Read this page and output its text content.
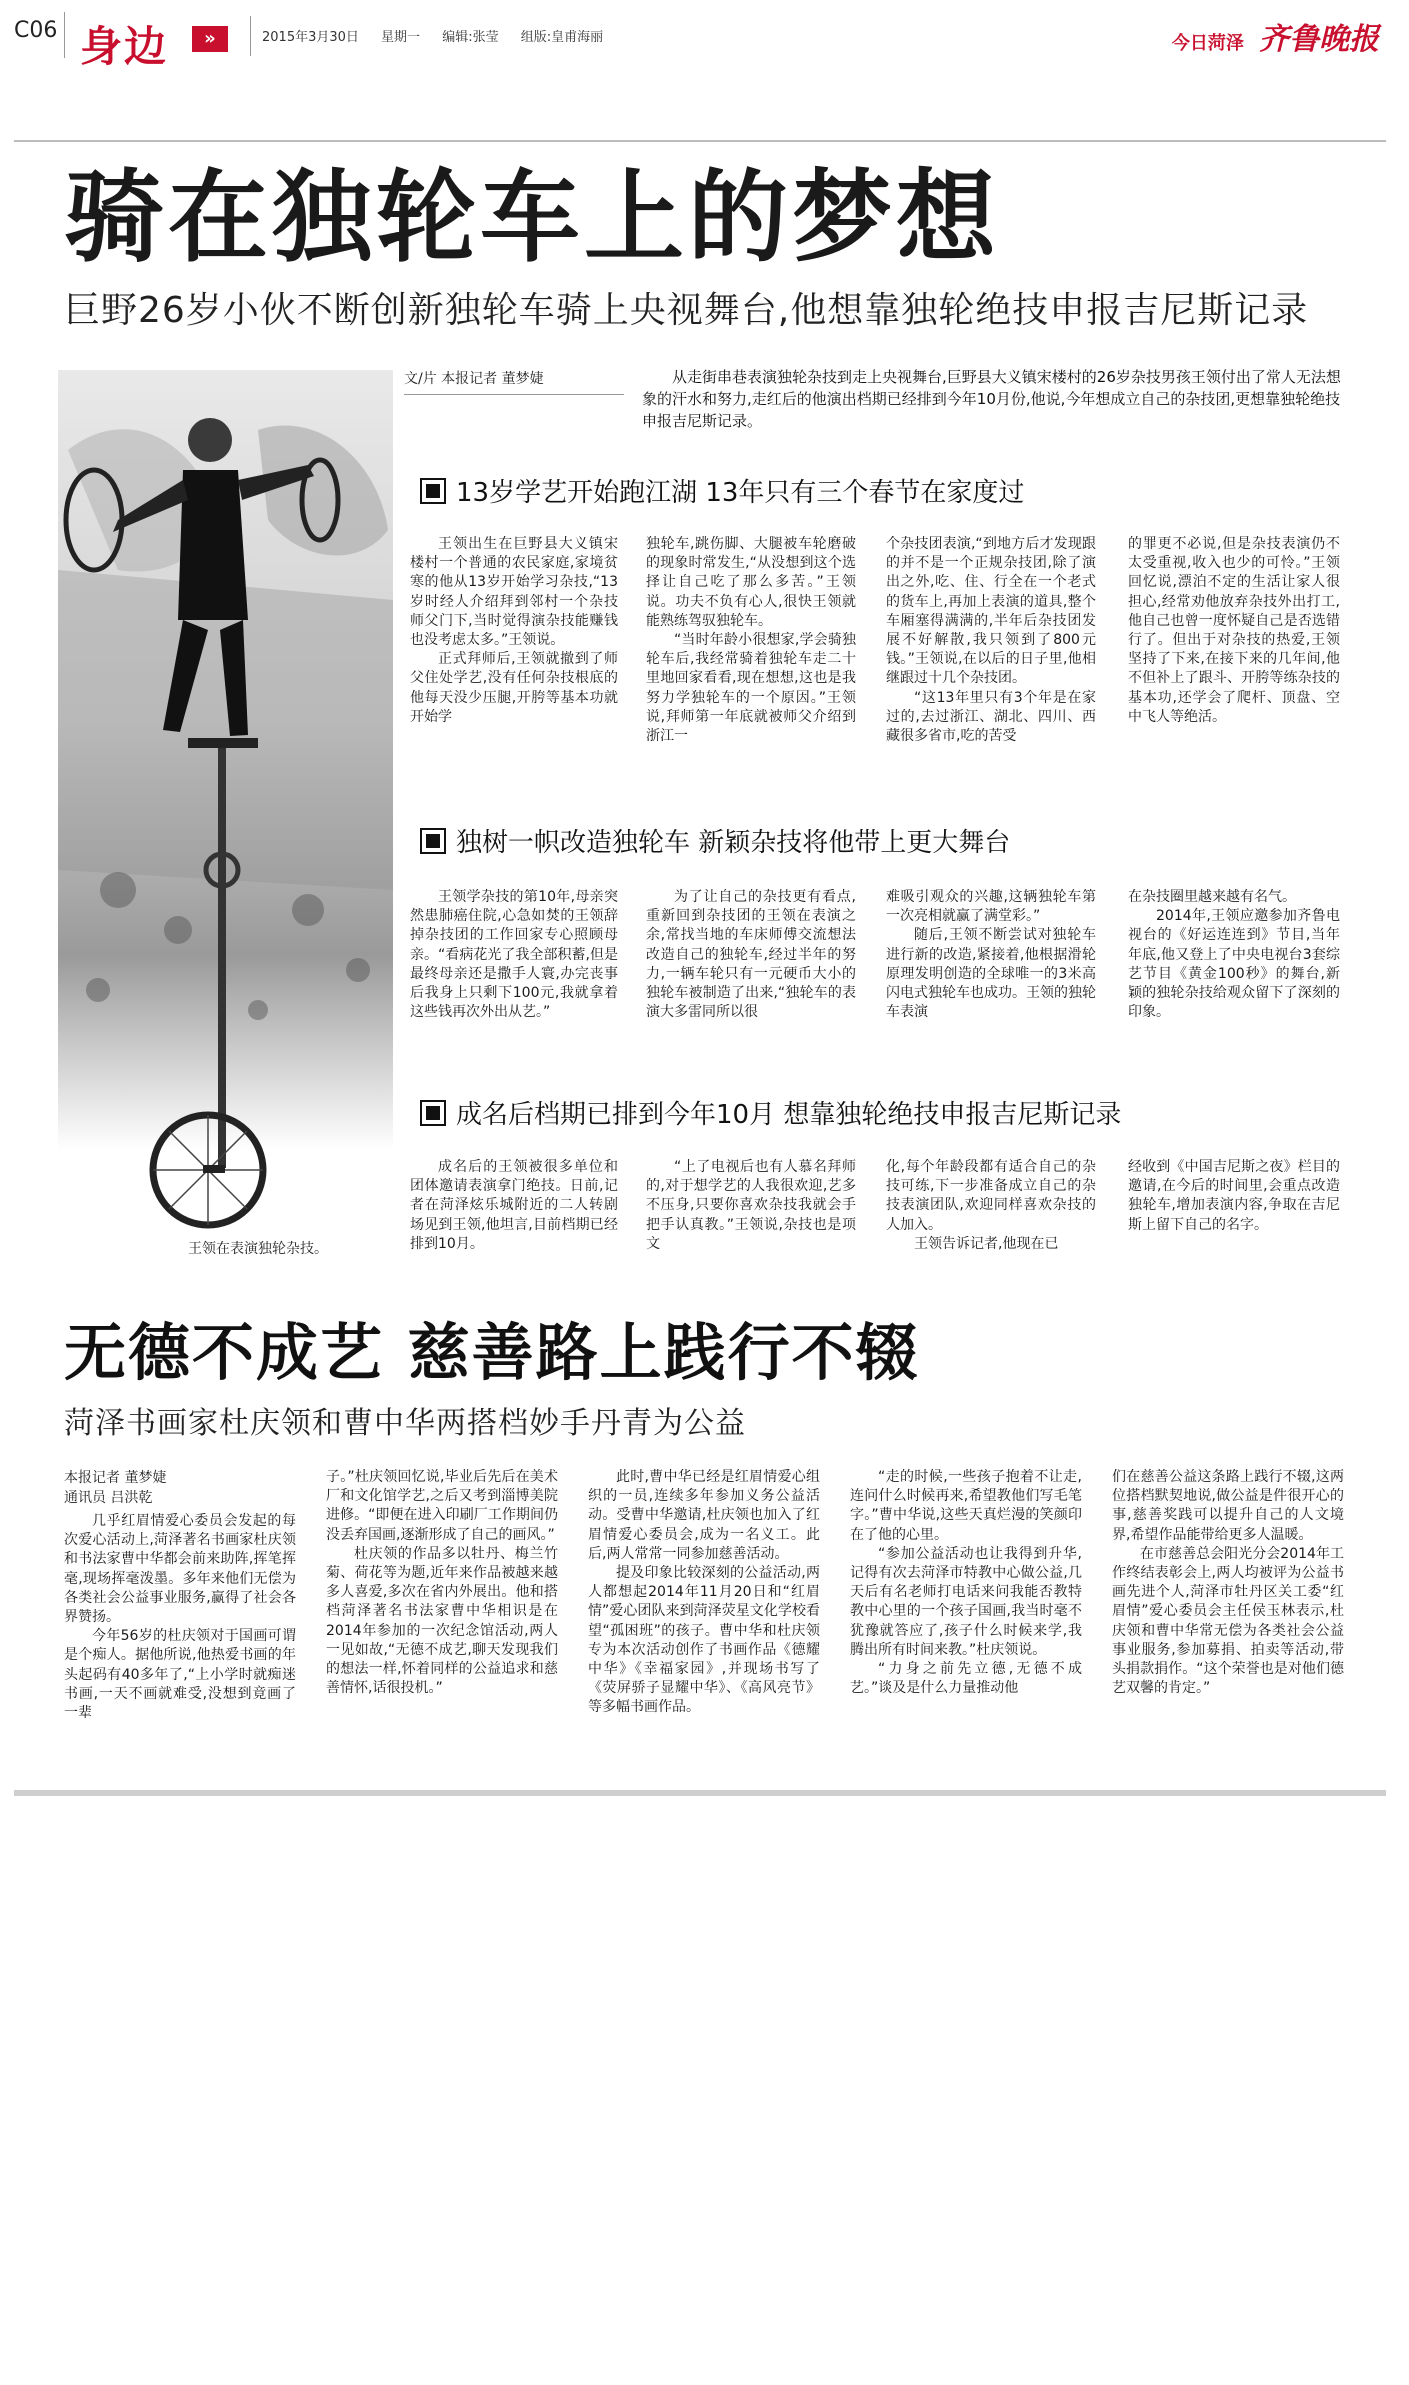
C06 身边	»	2015年3月30日 星期一 编辑:张莹 组版:皇甫海丽	今日菏泽 齐鲁晚报
骑在独轮车上的梦想
巨野26岁小伙不断创新独轮车骑上央视舞台,他想靠独轮绝技申报吉尼斯记录
王领在表演独轮杂技。
文/片 本报记者 董梦婕	从走街串巷表演独轮杂技到走上央视舞台,巨野县大义镇宋楼村的26岁杂技男孩王领付出了常人无法想象的汗水和努力,走红后的他演出档期已经排到今年10月份,他说,今年想成立自己的杂技团,更想靠独轮绝技申报吉尼斯记录。
13岁学艺开始跑江湖 13年只有三个春节在家度过

王领出生在巨野县大义镇宋楼村一个普通的农民家庭,家境贫寒的他从13岁开始学习杂技,“13岁时经人介绍拜到邻村一个杂技师父门下,当时觉得演杂技能赚钱也没考虑太多。”王领说。

正式拜师后,王领就撤到了师父住处学艺,没有任何杂技根底的他每天没少压腿,开胯等基本功就开始学

独轮车,跳伤脚、大腿被车轮磨破的现象时常发生,“从没想到这个选择让自己吃了那么多苦。”王领说。功夫不负有心人,很快王领就能熟练驾驭独轮车。

“当时年龄小很想家,学会骑独轮车后,我经常骑着独轮车走二十里地回家看看,现在想想,这也是我努力学独轮车的一个原因。”王领说,拜师第一年底就被师父介绍到浙江一

个杂技团表演,“到地方后才发现跟的并不是一个正规杂技团,除了演出之外,吃、住、行全在一个老式的货车上,再加上表演的道具,整个车厢塞得满满的,半年后杂技团发展不好解散,我只领到了800元钱。”王领说,在以后的日子里,他相继跟过十几个杂技团。

“这13年里只有3个年是在家过的,去过浙江、湖北、四川、西藏很多省市,吃的苦受

的罪更不必说,但是杂技表演仍不太受重视,收入也少的可怜。”王领回忆说,漂泊不定的生活让家人很担心,经常劝他放弃杂技外出打工,他自己也曾一度怀疑自己是否选错行了。但出于对杂技的热爱,王领坚持了下来,在接下来的几年间,他不但补上了跟斗、开胯等练杂技的基本功,还学会了爬杆、顶盘、空中飞人等绝活。

独树一帜改造独轮车 新颖杂技将他带上更大舞台

王领学杂技的第10年,母亲突然患肺癌住院,心急如焚的王领辞掉杂技团的工作回家专心照顾母亲。“看病花光了我全部积蓄,但是最终母亲还是撒手人寰,办完丧事后我身上只剩下100元,我就拿着这些钱再次外出从艺。”

为了让自己的杂技更有看点,重新回到杂技团的王领在表演之余,常找当地的车床师傅交流想法改造自己的独轮车,经过半年的努力,一辆车轮只有一元硬币大小的独轮车被制造了出来,“独轮车的表演大多雷同所以很

难吸引观众的兴趣,这辆独轮车第一次亮相就赢了满堂彩。”

随后,王领不断尝试对独轮车进行新的改造,紧接着,他根据滑轮原理发明创造的全球唯一的3米高闪电式独轮车也成功。王领的独轮车表演

在杂技圈里越来越有名气。

2014年,王领应邀参加齐鲁电视台的《好运连连到》节目,当年年底,他又登上了中央电视台3套综艺节目《黄金100秒》的舞台,新颖的独轮杂技给观众留下了深刻的印象。

成名后档期已排到今年10月 想靠独轮绝技申报吉尼斯记录

成名后的王领被很多单位和团体邀请表演拿门绝技。日前,记者在菏泽炫乐城附近的二人转剧场见到王领,他坦言,目前档期已经排到10月。

“上了电视后也有人慕名拜师的,对于想学艺的人我很欢迎,艺多不压身,只要你喜欢杂技我就会手把手认真教。”王领说,杂技也是项文

化,每个年龄段都有适合自己的杂技可练,下一步准备成立自己的杂技表演团队,欢迎同样喜欢杂技的人加入。

王领告诉记者,他现在已

经收到《中国吉尼斯之夜》栏目的邀请,在今后的时间里,会重点改造独轮车,增加表演内容,争取在吉尼斯上留下自己的名字。

无德不成艺 慈善路上践行不辍
菏泽书画家杜庆领和曹中华两搭档妙手丹青为公益
本报记者 董梦婕
通讯员 吕洪乾

几乎红眉情爱心委员会发起的每次爱心活动上,菏泽著名书画家杜庆领和书法家曹中华都会前来助阵,挥笔挥毫,现场挥毫泼墨。多年来他们无偿为各类社会公益事业服务,赢得了社会各界赞扬。

今年56岁的杜庆领对于国画可谓是个痴人。据他所说,他热爱书画的年头起码有40多年了,“上小学时就痴迷书画,一天不画就难受,没想到竟画了一辈

子。”杜庆领回忆说,毕业后先后在美术厂和文化馆学艺,之后又考到淄博美院进修。“即便在进入印刷厂工作期间仍没丢弃国画,逐渐形成了自己的画风。”

杜庆领的作品多以牡丹、梅兰竹菊、荷花等为题,近年来作品被越来越多人喜爱,多次在省内外展出。他和搭档菏泽著名书法家曹中华相识是在2014年参加的一次纪念馆活动,两人一见如故,“无德不成艺,聊天发现我们的想法一样,怀着同样的公益追求和慈善情怀,话很投机。”

此时,曹中华已经是红眉情爱心组织的一员,连续多年参加义务公益活动。受曹中华邀请,杜庆领也加入了红眉情爱心委员会,成为一名义工。此后,两人常常一同参加慈善活动。

提及印象比较深刻的公益活动,两人都想起2014年11月20日和“红眉情”爱心团队来到菏泽荧星文化学校看望“孤困班”的孩子。曹中华和杜庆领专为本次活动创作了书画作品《德耀中华》《幸福家园》,并现场书写了《荧屏骄子显耀中华》、《高风亮节》等多幅书画作品。

“走的时候,一些孩子抱着不让走,连问什么时候再来,希望教他们写毛笔字。”曹中华说,这些天真烂漫的笑颜印在了他的心里。

“参加公益活动也让我得到升华,记得有次去菏泽市特教中心做公益,几天后有名老师打电话来问我能否教特教中心里的一个孩子国画,我当时毫不犹豫就答应了,孩子什么时候来学,我腾出所有时间来教。”杜庆领说。

“力身之前先立德,无德不成艺。”谈及是什么力量推动他

们在慈善公益这条路上践行不辍,这两位搭档默契地说,做公益是件很开心的事,慈善奖践可以提升自己的人文境界,希望作品能带给更多人温暖。

在市慈善总会阳光分会2014年工作终结表彰会上,两人均被评为公益书画先进个人,菏泽市牡丹区关工委“红眉情”爱心委员会主任侯玉林表示,杜庆领和曹中华常无偿为各类社会公益事业服务,参加募捐、拍卖等活动,带头捐款捐作。“这个荣誉也是对他们德艺双馨的肯定。”
